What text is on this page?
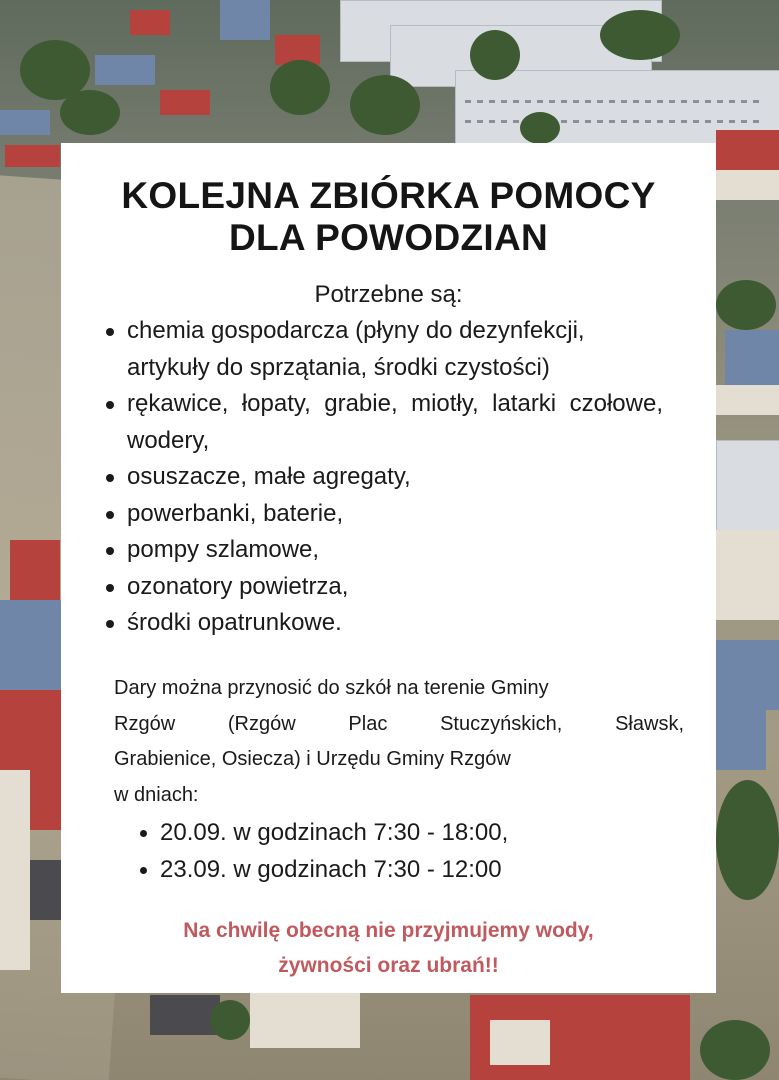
KOLEJNA ZBIÓRKA POMOCY
DLA POWODZIAN
Potrzebne są:
chemia gospodarcza (płyny do dezynfekcji, artykuły do sprzątania, środki czystości)
rękawice, łopaty, grabie, miotły, latarki czołowe, wodery,
osuszacze, małe agregaty,
powerbanki, baterie,
pompy szlamowe,
ozonatory powietrza,
środki opatrunkowe.
Dary można przynosić do szkół na terenie Gminy
Rzgów (Rzgów Plac Stuczyńskich, Sławsk,
Grabienice, Osiecza) i Urzędu Gminy Rzgów
w dniach:
20.09. w godzinach 7:30 - 18:00,
23.09. w godzinach 7:30 - 12:00
Na chwilę obecną nie przyjmujemy wody,
żywności oraz ubrań!!
